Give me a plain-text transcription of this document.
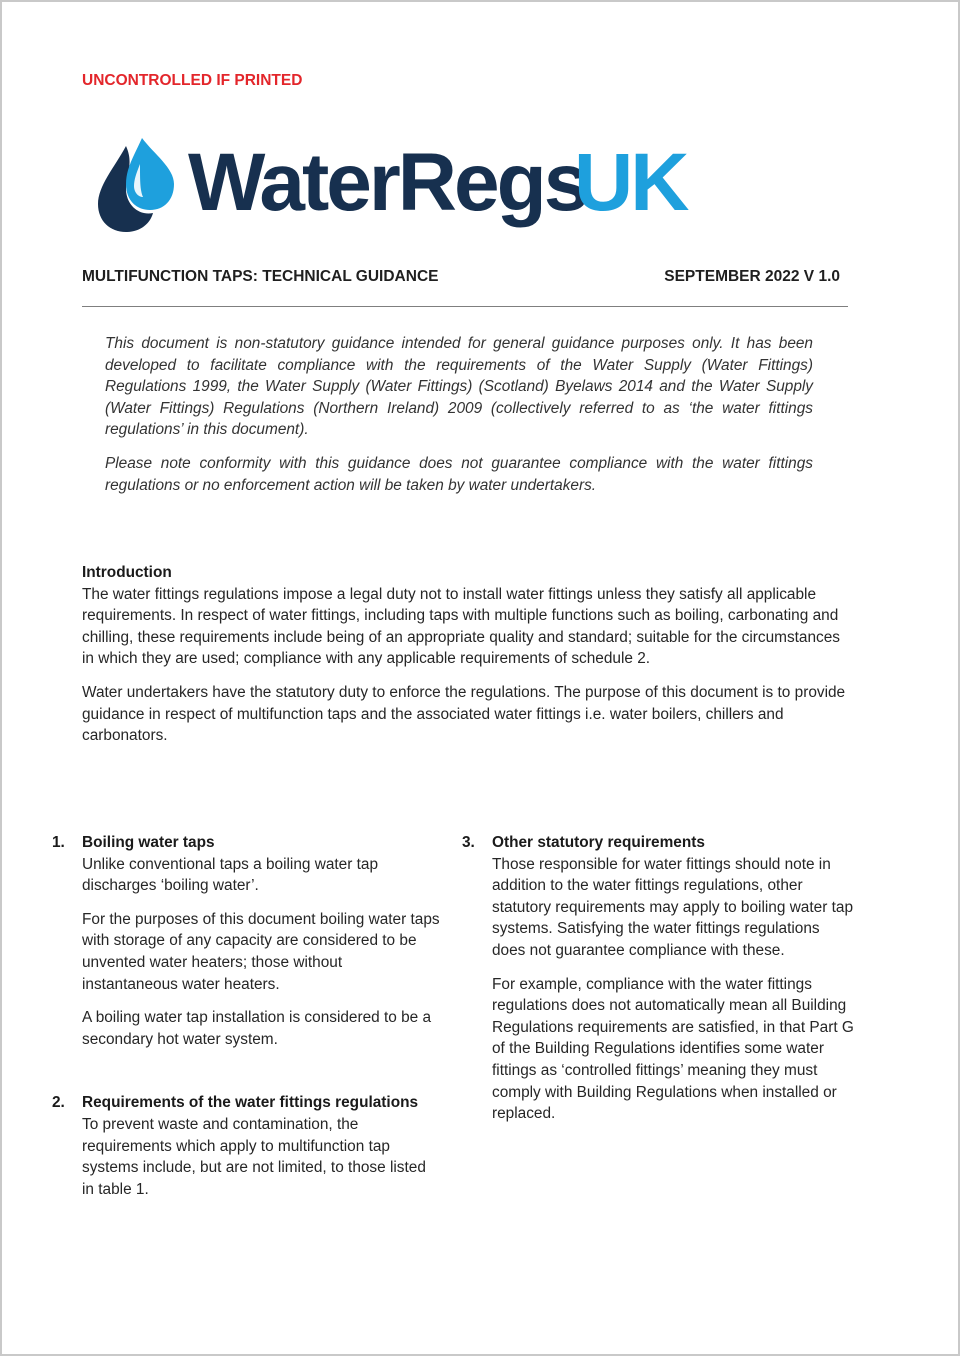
UNCONTROLLED IF PRINTED
WaterRegs
UK
MULTIFUNCTION TAPS: TECHNICAL GUIDANCE	SEPTEMBER 2022 V 1.0

This document is non-statutory guidance intended for general guidance purposes only. It has been developed to facilitate compliance with the requirements of the Water Supply (Water Fittings) Regulations 1999, the Water Supply (Water Fittings) (Scotland) Byelaws 2014 and the Water Supply (Water Fittings) Regulations (Northern Ireland) 2009 (collectively referred to as ‘the water fittings regulations’ in this document).

Please note conformity with this guidance does not guarantee compliance with the water fittings regulations or no enforcement action will be taken by water undertakers.

Introduction

The water fittings regulations impose a legal duty not to install water fittings unless they satisfy all applicable requirements. In respect of water fittings, including taps with multiple functions such as boiling, carbonating and chilling, these requirements include being of an appropriate quality and standard; suitable for the circumstances in which they are used; compliance with any applicable requirements of schedule 2.

Water undertakers have the statutory duty to enforce the regulations. The purpose of this document is to provide guidance in respect of multifunction taps and the associated water fittings i.e. water boilers, chillers and carbonators.

1. Boiling water taps

Unlike conventional taps a boiling water tap discharges ‘boiling water’.

For the purposes of this document boiling water taps with storage of any capacity are considered to be unvented water heaters; those without instantaneous water heaters.

A boiling water tap installation is considered to be a secondary hot water system.

2. Requirements of the water fittings regulations

To prevent waste and contamination, the requirements which apply to multifunction tap systems include, but are not limited, to those listed in table 1.

3. Other statutory requirements

Those responsible for water fittings should note in addition to the water fittings regulations, other statutory requirements may apply to boiling water tap systems. Satisfying the water fittings regulations does not guarantee compliance with these.

For example, compliance with the water fittings regulations does not automatically mean all Building Regulations requirements are satisfied, in that Part G of the Building Regulations identifies some water fittings as ‘controlled fittings’ meaning they must comply with Building Regulations when installed or replaced.
